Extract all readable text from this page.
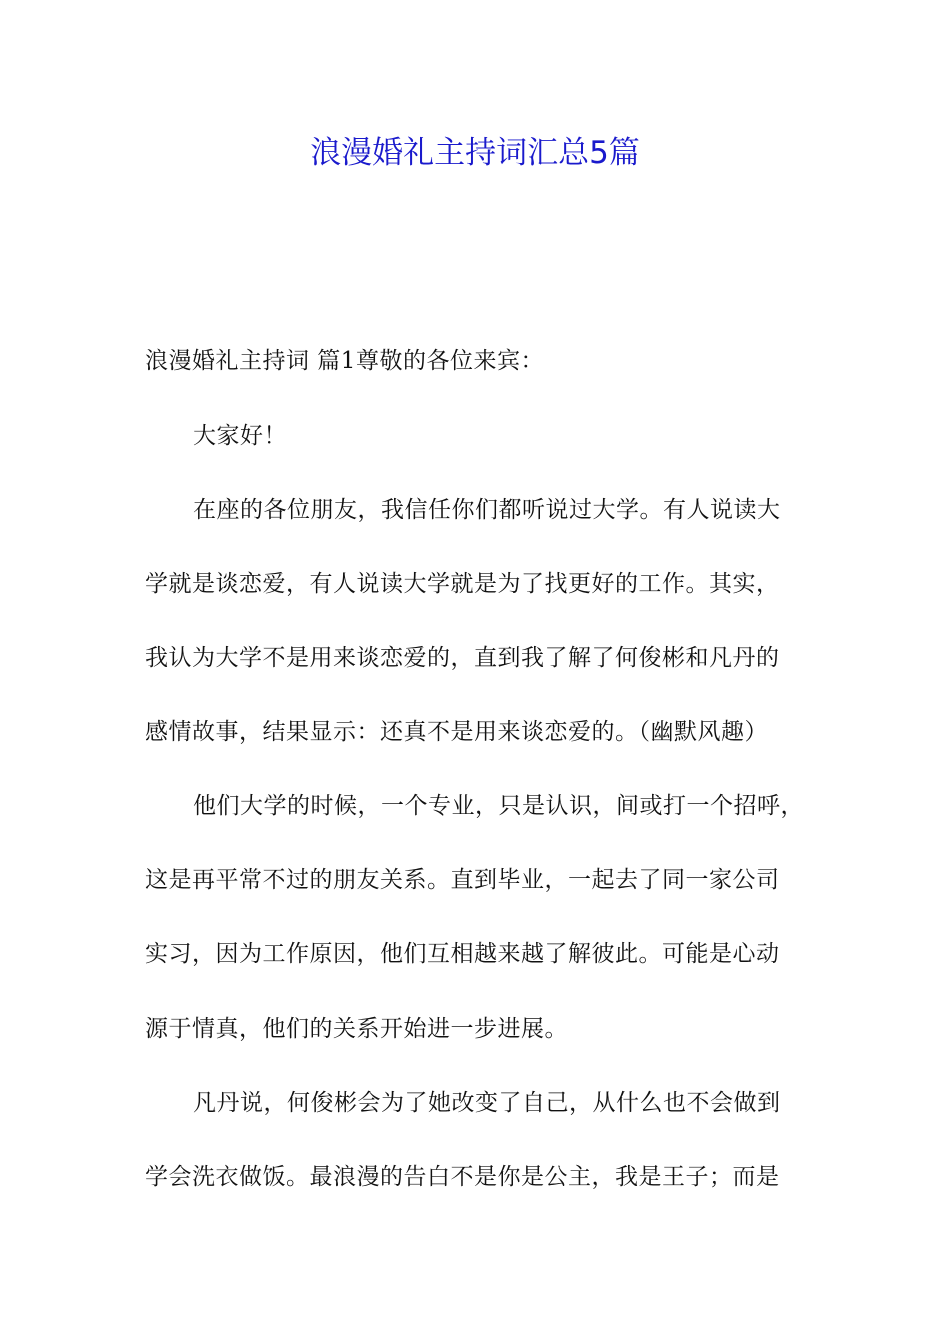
浪漫婚礼主持词汇总5篇
浪漫婚礼主持词 篇1尊敬的各位来宾：
大家好！
在座的各位朋友，我信任你们都听说过大学。有人说读大
学就是谈恋爱，有人说读大学就是为了找更好的工作。其实，
我认为大学不是用来谈恋爱的，直到我了解了何俊彬和凡丹的
感情故事，结果显示：还真不是用来谈恋爱的。（幽默风趣）
他们大学的时候，一个专业，只是认识，间或打一个招呼，
这是再平常不过的朋友关系。直到毕业，一起去了同一家公司
实习，因为工作原因，他们互相越来越了解彼此。可能是心动
源于情真，他们的关系开始进一步进展。
凡丹说，何俊彬会为了她改变了自己，从什么也不会做到
学会洗衣做饭。最浪漫的告白不是你是公主，我是王子；而是
